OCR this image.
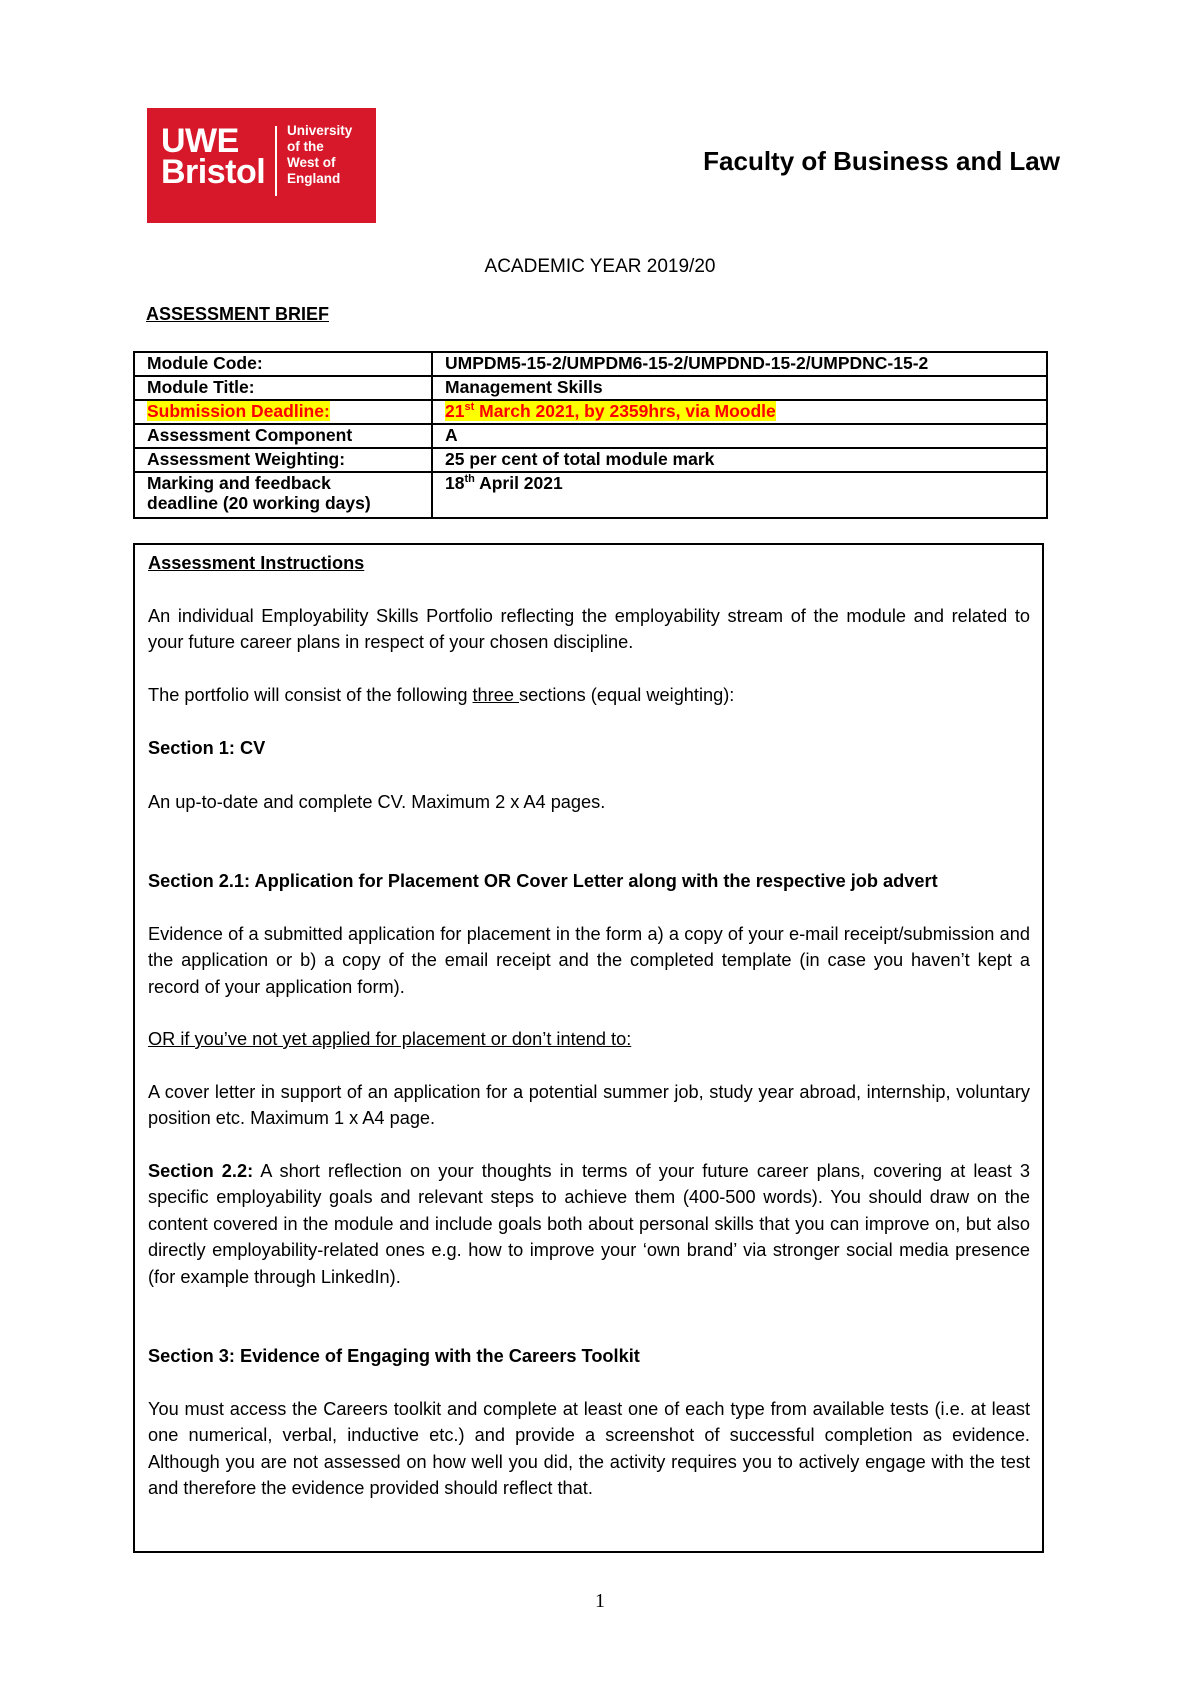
UWE
Bristol
University
of the
West of
England
Faculty of Business and Law
ACADEMIC YEAR 2019/20
ASSESSMENT BRIEF
Module Code:	UMPDM5-15-2/UMPDM6-15-2/UMPDND-15-2/UMPDNC-15-2
Module Title:	Management Skills
Submission Deadline:	21st March 2021, by 2359hrs, via Moodle
Assessment Component	A
Assessment Weighting:	25 per cent of total module mark

Marking and feedback
deadline (20 working days)	18th April 2021

Assessment Instructions

An individual Employability Skills Portfolio reflecting the employability stream of the module and related to your future career plans in respect of your chosen discipline.

The portfolio will consist of the following three sections (equal weighting):

Section 1: CV

An up-to-date and complete CV. Maximum 2 x A4 pages.

Section 2.1: Application for Placement OR Cover Letter along with the respective job advert

Evidence of a submitted application for placement in the form a) a copy of your e-mail receipt/submission and the application or b) a copy of the email receipt and the completed template (in case you haven’t kept a record of your application form).

OR if you’ve not yet applied for placement or don’t intend to:

A cover letter in support of an application for a potential summer job, study year abroad, internship, voluntary position etc. Maximum 1 x A4 page.

Section 2.2: A short reflection on your thoughts in terms of your future career plans, covering at least 3 specific employability goals and relevant steps to achieve them (400-500 words). You should draw on the content covered in the module and include goals both about personal skills that you can improve on, but also directly employability-related ones e.g. how to improve your ‘own brand’ via stronger social media presence (for example through LinkedIn).

Section 3: Evidence of Engaging with the Careers Toolkit

You must access the Careers toolkit and complete at least one of each type from available tests (i.e. at least one numerical, verbal, inductive etc.) and provide a screenshot of successful completion as evidence. Although you are not assessed on how well you did, the activity requires you to actively engage with the test and therefore the evidence provided should reflect that.

1
